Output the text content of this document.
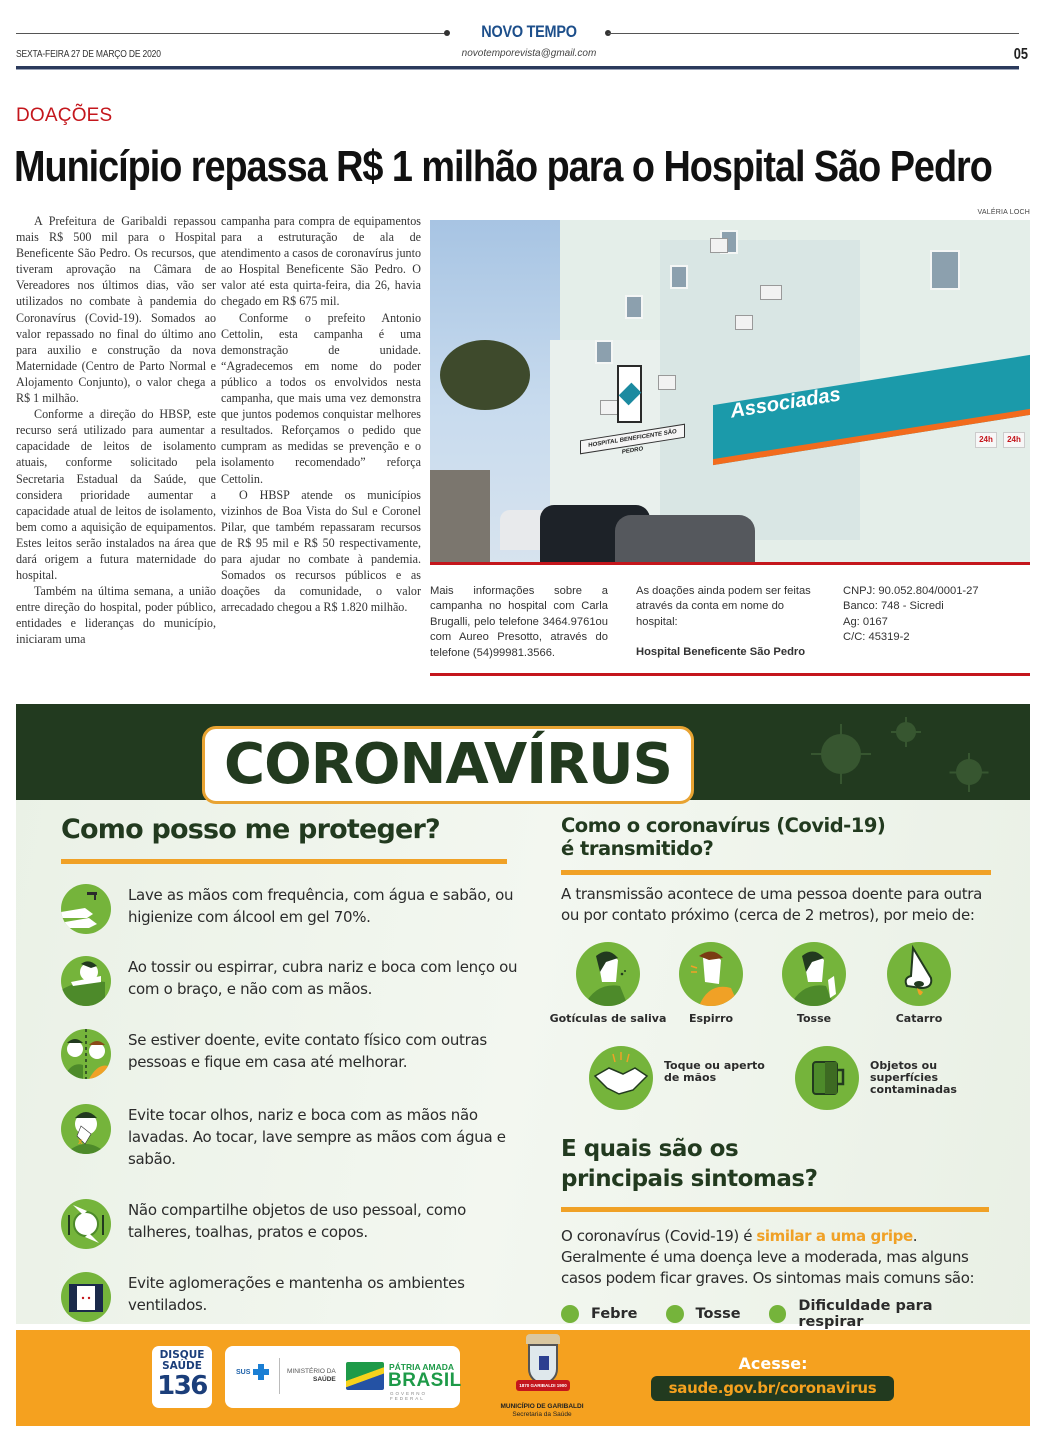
NOVO TEMPO
SEXTA-FEIRA 27 DE MARÇO DE 2020	novotemporevista@gmail.com	05
DOAÇÕES
Município repassa R$ 1 milhão para o Hospital São Pedro

A Prefeitura de Garibaldi repassou mais R$ 500 mil para o Hospital Beneficente São Pedro. Os recursos, que tiveram aprovação na Câmara de Vereadores nos últimos dias, vão ser utilizados no combate à pandemia do Coronavírus (Covid-19). Somados ao valor repassado no final do último ano para auxilio e construção da nova Maternidade (Centro de Parto Normal e Alojamento Conjunto), o valor chega a R$ 1 milhão.

Conforme a direção do HBSP, este recurso será utilizado para aumentar a capacidade de leitos de isolamento atuais, conforme solicitado pela Secretaria Estadual da Saúde, que considera prioridade aumentar a capacidade atual de leitos de isolamento, bem como a aquisição de equipamentos. Estes leitos serão instalados na área que dará origem a futura maternidade do hospital.

Também na última semana, a união entre direção do hospital, poder público, entidades e lideranças do município, iniciaram uma

campanha para compra de equipamentos para a estruturação de ala de atendimento a casos de coronavírus junto ao Hospital Beneficente São Pedro. O valor até esta quirta-feira, dia 26, havia chegado em R$ 675 mil.

Conforme o prefeito Antonio Cettolin, esta campanha é uma demonstração de unidade. “Agradecemos em nome do poder público a todos os envolvidos nesta campanha, que mais uma vez demonstra que juntos podemos conquistar melhores resultados. Reforçamos o pedido que cumpram as medidas se prevenção e o isolamento recomendado” reforça Cettolin.

O HBSP atende os municípios vizinhos de Boa Vista do Sul e Coronel Pilar, que também repassaram recursos de R$ 95 mil e R$ 50 respectivamente, para ajudar no combate à pandemia. Somados os recursos públicos e as doações da comunidade, o valor arrecadado chegou a R$ 1.820 milhão.

VALÉRIA LOCH
HOSPITAL BENEFICENTE SÃO PEDRO
Associadas
24h	24h
Mais informações sobre a campanha no hospital com Carla Brugalli, pelo telefone 3464.9761ou com Aureo Presotto, através do telefone (54)99981.3566.
As doações ainda podem ser feitas através da conta em nome do hospital:
Hospital Beneficente São Pedro
CNPJ: 90.052.804/0001-27
Banco: 748 - Sicredi
Ag: 0167
C/C: 45319-2
CORONAVÍRUS
Como posso me proteger?
Lave as mãos com frequência, com água e sabão, ou higienize com álcool em gel 70%.
Ao tossir ou espirrar, cubra nariz e boca com lenço ou com o braço, e não com as mãos.
Se estiver doente, evite contato físico com outras pessoas e fique em casa até melhorar.
x
Evite tocar olhos, nariz e boca com as mãos não lavadas. Ao tocar, lave sempre as mãos com água e sabão.
Não compartilhe objetos de uso pessoal, como talheres, toalhas, pratos e copos.
Evite aglomerações e mantenha os ambientes ventilados.
Como o coronavírus (Covid-19)
é transmitido?
A transmissão acontece de uma pessoa doente para outra ou por contato próximo (cerca de 2 metros), por meio de:
Gotículas de saliva	Espirro	Tosse	Catarro
Toque ou aperto
de mãos
Objetos ou
superfícies
contaminadas
E quais são os
principais sintomas?
O coronavírus (Covid-19) é similar a uma gripe. Geralmente é uma doença leve a moderada, mas alguns casos podem ficar graves. Os sintomas mais comuns são:
Febre	Tosse	Dificuldade para respirar
DISQUE SAÚDE
136	SUS	MINISTÉRIO DA
SAÚDE
PÁTRIA AMADA
BRASIL
GOVERNO FEDERAL
1870 GARIBALDI 1900
MUNICÍPIO DE GARIBALDI
Secretaria da Saúde
Acesse:
saude.gov.br/coronavirus
